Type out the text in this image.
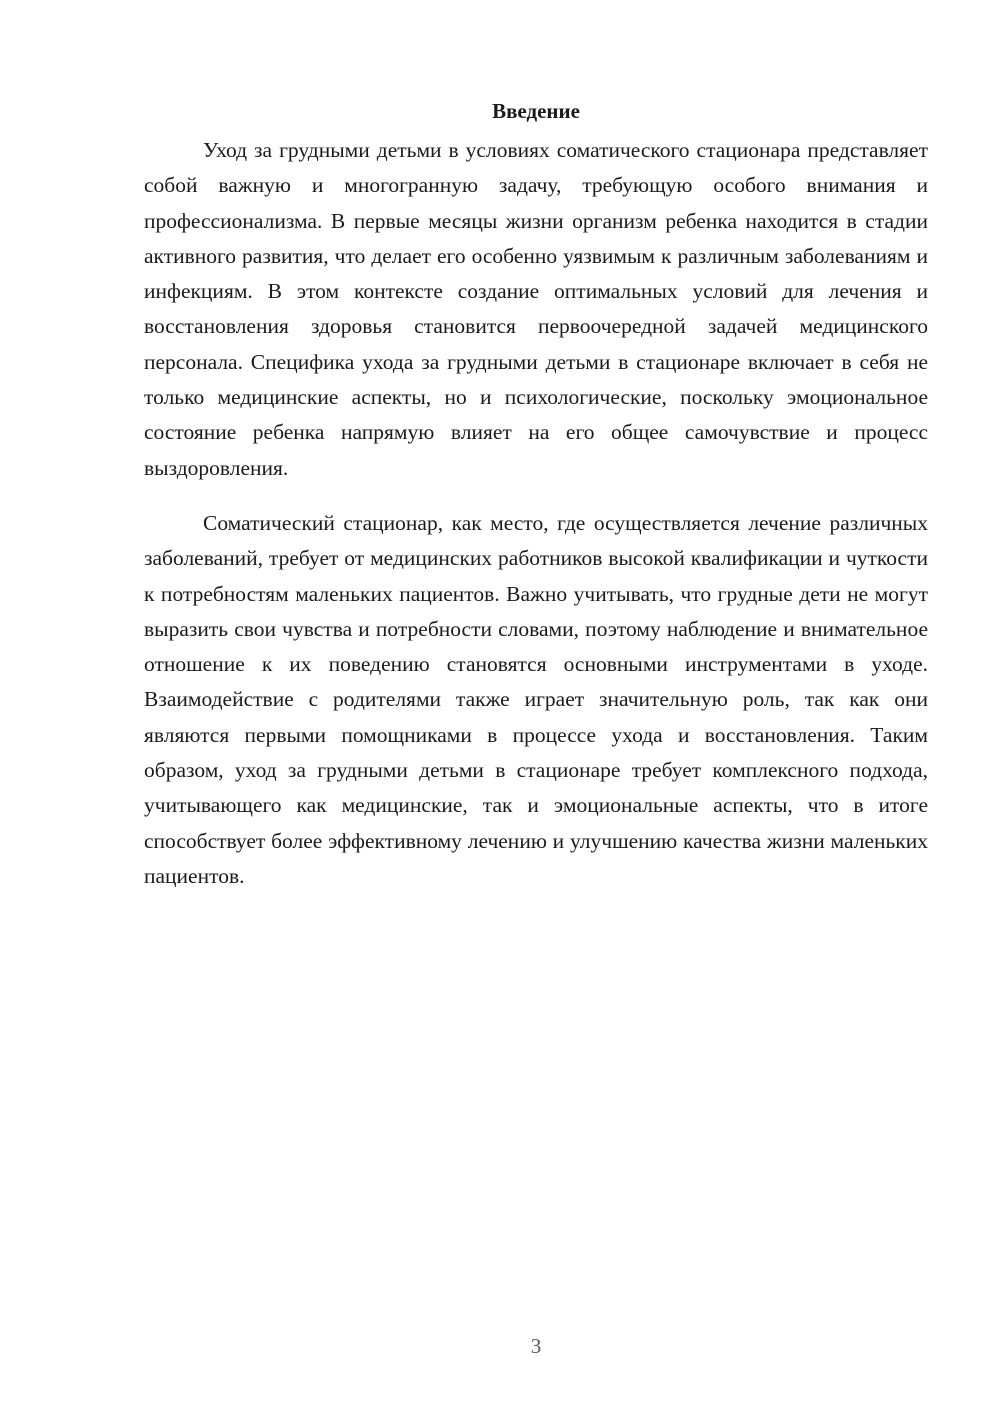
Введение

Уход за грудными детьми в условиях соматического стационара представляет собой важную и многогранную задачу, требующую особого внимания и профессионализма. В первые месяцы жизни организм ребенка находится в стадии активного развития, что делает его особенно уязвимым к различным заболеваниям и инфекциям. В этом контексте создание оптимальных условий для лечения и восстановления здоровья становится первоочередной задачей медицинского персонала. Специфика ухода за грудными детьми в стационаре включает в себя не только медицинские аспекты, но и психологические, поскольку эмоциональное состояние ребенка напрямую влияет на его общее самочувствие и процесс выздоровления.

Соматический стационар, как место, где осуществляется лечение различных заболеваний, требует от медицинских работников высокой квалификации и чуткости к потребностям маленьких пациентов. Важно учитывать, что грудные дети не могут выразить свои чувства и потребности словами, поэтому наблюдение и внимательное отношение к их поведению становятся основными инструментами в уходе. Взаимодействие с родителями также играет значительную роль, так как они являются первыми помощниками в процессе ухода и восстановления. Таким образом, уход за грудными детьми в стационаре требует комплексного подхода, учитывающего как медицинские, так и эмоциональные аспекты, что в итоге способствует более эффективному лечению и улучшению качества жизни маленьких пациентов.

3
